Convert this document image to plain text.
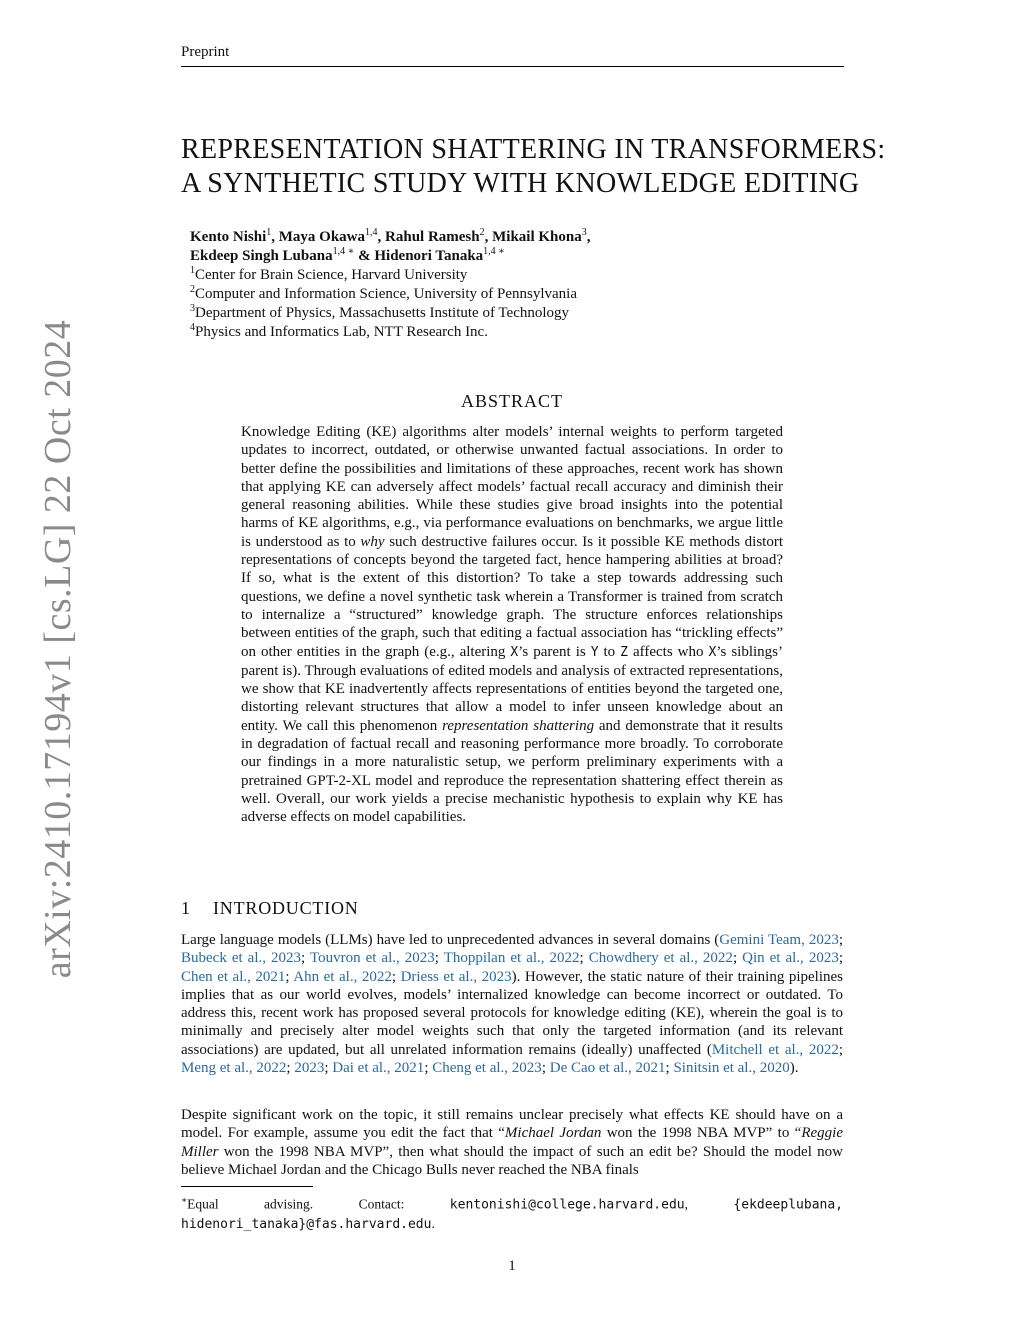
Preprint
REPRESENTATION SHATTERING IN TRANSFORMERS:
A SYNTHETIC STUDY WITH KNOWLEDGE EDITING
Kento Nishi$^1$, Maya Okawa$^{1,4}$, Rahul Ramesh$^2$, Mikail Khona$^3$,
Ekdeep Singh Lubana$^{1,4 ∗}$ & Hidenori Tanaka$^{1,4 ∗}$
$^1$Center for Brain Science, Harvard University
$^2$Computer and Information Science, University of Pennsylvania
$^3$Department of Physics, Massachusetts Institute of Technology
$^4$Physics and Informatics Lab, NTT Research Inc.
arXiv:2410.17194v1 [cs.LG] 22 Oct 2024	ABSTRACT
Knowledge Editing (KE) algorithms alter models’ internal weights to perform targeted updates to incorrect, outdated, or otherwise unwanted factual associations. In order to better define the possibilities and limitations of these approaches, recent work has shown that applying KE can adversely affect models’ factual recall accuracy and diminish their general reasoning abilities. While these studies give broad insights into the potential harms of KE algorithms, e.g., via performance evaluations on benchmarks, we argue little is understood as to why such destructive failures occur. Is it possible KE methods distort representations of concepts beyond the targeted fact, hence hampering abilities at broad? If so, what is the extent of this distortion? To take a step towards addressing such questions, we define a novel synthetic task wherein a Transformer is trained from scratch to internalize a “structured” knowledge graph. The structure enforces relationships between entities of the graph, such that editing a factual association has “trickling effects” on other entities in the graph (e.g., altering X’s parent is Y to Z affects who X’s siblings’ parent is). Through evaluations of edited models and analysis of extracted representations, we show that KE inadvertently affects representations of entities beyond the targeted one, distorting relevant structures that allow a model to infer unseen knowledge about an entity. We call this phenomenon representation shattering and demonstrate that it results in degradation of factual recall and reasoning performance more broadly. To corroborate our findings in a more naturalistic setup, we perform preliminary experiments with a pretrained GPT-2-XL model and reproduce the representation shattering effect therein as well. Overall, our work yields a precise mechanistic hypothesis to explain why KE has adverse effects on model capabilities.
1 INTRODUCTION
Large language models (LLMs) have led to unprecedented advances in several domains (Gemini Team, 2023; Bubeck et al., 2023; Touvron et al., 2023; Thoppilan et al., 2022; Chowdhery et al., 2022; Qin et al., 2023; Chen et al., 2021; Ahn et al., 2022; Driess et al., 2023). However, the static nature of their training pipelines implies that as our world evolves, models’ internalized knowledge can become incorrect or outdated. To address this, recent work has proposed several protocols for knowledge editing (KE), wherein the goal is to minimally and precisely alter model weights such that only the targeted information (and its relevant associations) are updated, but all unrelated information remains (ideally) unaffected (Mitchell et al., 2022; Meng et al., 2022; 2023; Dai et al., 2021; Cheng et al., 2023; De Cao et al., 2021; Sinitsin et al., 2020).
Despite significant work on the topic, it still remains unclear precisely what effects KE should have on a model. For example, assume you edit the fact that “Michael Jordan won the 1998 NBA MVP” to “Reggie Miller won the 1998 NBA MVP”, then what should the impact of such an edit be? Should the model now believe Michael Jordan and the Chicago Bulls never reached the NBA finals
∗Equal advising. Contact: kentonishi@college.harvard.edu, {ekdeeplubana, hidenori_tanaka}@fas.harvard.edu.
1
